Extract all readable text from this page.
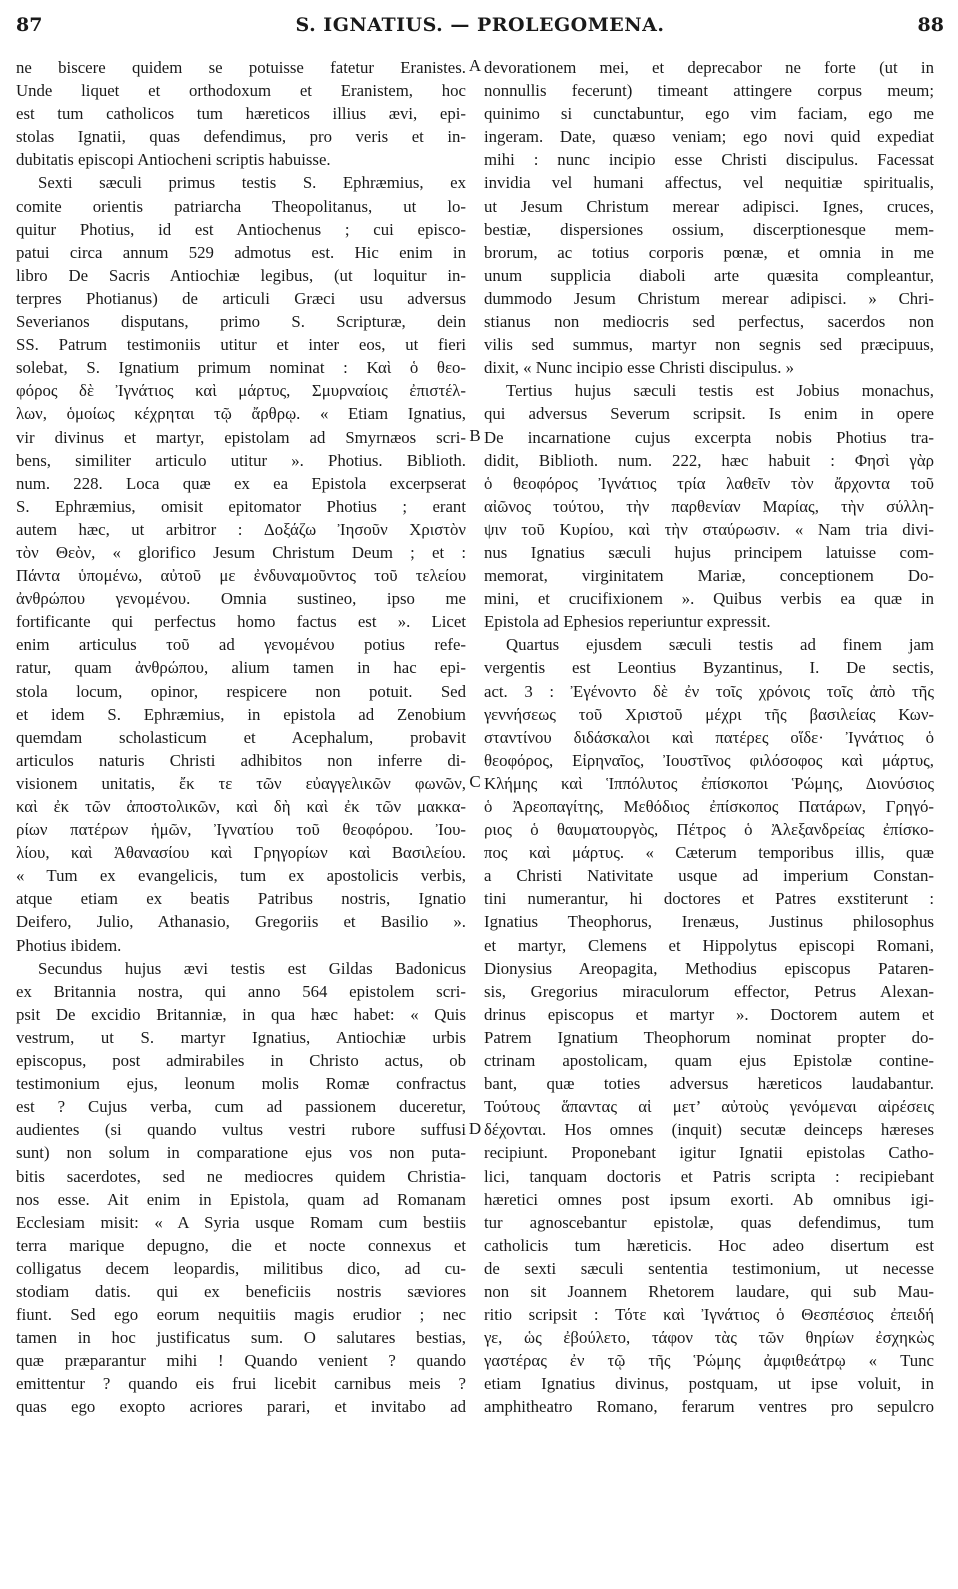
87	S. IGNATIUS. — PROLEGOMENA.	88
ne biscere quidem se potuisse fatetur Eranistes.
Unde liquet et orthodoxum et Eranistem, hoc
est tum catholicos tum hæreticos illius ævi, epi-
stolas Ignatii, quas defendimus, pro veris et in-
dubitatis episcopi Antiocheni scriptis habuisse.
Sexti sæculi primus testis S. Ephræmius, ex
comite orientis patriarcha Theopolitanus, ut lo-
quitur Photius, id est Antiochenus ; cui episco-
patui circa annum 529 admotus est. Hic enim in
libro De Sacris Antiochiæ legibus, (ut loquitur in-
terpres Photianus) de articuli Græci usu adversus
Severianos disputans, primo S. Scripturæ, dein
SS. Patrum testimoniis utitur et inter eos, ut fieri
solebat, S. Ignatium primum nominat : Καὶ ὁ θεο-
φόρος δὲ Ἰγνάτιος καὶ μάρτυς, Σμυρναίοις ἐπιστέλ-
λων, ὁμοίως κέχρηται τῷ ἄρθρῳ. « Etiam Ignatius,
vir divinus et martyr, epistolam ad Smyrnæos scri-
bens, similiter articulo utitur ». Photius. Biblioth.
num. 228. Loca quæ ex ea Epistola excerpserat
S. Ephræmius, omisit epitomator Photius ; erant
autem hæc, ut arbitror : Δοξάζω Ἰησοῦν Χριστὸν
τὸν Θεὸν, « glorifico Jesum Christum Deum ; et :
Πάντα ὑπομένω, αὐτοῦ με ἐνδυναμοῦντος τοῦ τελείου
ἀνθρώπου γενομένου. Omnia sustineo, ipso me
fortificante qui perfectus homo factus est ». Licet
enim articulus τοῦ ad γενομένου potius refe-
ratur, quam ἀνθρώπου, alium tamen in hac epi-
stola locum, opinor, respicere non potuit. Sed
et idem S. Ephræmius, in epistola ad Zenobium
quemdam scholasticum et Acephalum, probavit
articulos naturis Christi adhibitos non inferre di-
visionem unitatis, ἔκ τε τῶν εὐαγγελικῶν φωνῶν,
καὶ ἐκ τῶν ἀποστολικῶν, καὶ δὴ καὶ ἐκ τῶν μακκα-
ρίων πατέρων ἡμῶν, Ἰγνατίου τοῦ θεοφόρου. Ἰου-
λίου, καὶ Ἀθανασίου καὶ Γρηγορίων καὶ Βασιλείου.
« Tum ex evangelicis, tum ex apostolicis verbis,
atque etiam ex beatis Patribus nostris, Ignatio
Deifero, Julio, Athanasio, Gregoriis et Basilio ».
Photius ibidem.
Secundus hujus ævi testis est Gildas Badonicus
ex Britannia nostra, qui anno 564 epistolem scri-
psit De excidio Britanniæ, in qua hæc habet: « Quis
vestrum, ut S. martyr Ignatius, Antiochiæ urbis
episcopus, post admirabiles in Christo actus, ob
testimonium ejus, leonum molis Romæ confractus
est ? Cujus verba, cum ad passionem duceretur,
audientes (si quando vultus vestri rubore suffusi
sunt) non solum in comparatione ejus vos non puta-
bitis sacerdotes, sed ne mediocres quidem Christia-
nos esse. Ait enim in Epistola, quam ad Romanam
Ecclesiam misit: « A Syria usque Romam cum bestiis
terra marique depugno, die et nocte connexus et
colligatus decem leopardis, militibus dico, ad cu-
stodiam datis. qui ex beneficiis nostris sæviores
fiunt. Sed ego eorum nequitiis magis erudior ; nec
tamen in hoc justificatus sum. O salutares bestias,
quæ præparantur mihi ! Quando venient ? quando
emittentur ? quando eis frui licebit carnibus meis ?
quas ego exopto acriores parari, et invitabo ad
devorationem mei, et deprecabor ne forte (ut in
nonnullis fecerunt) timeant attingere corpus meum;
quinimo si cunctabuntur, ego vim faciam, ego me
ingeram. Date, quæso veniam; ego novi quid expediat
mihi : nunc incipio esse Christi discipulus. Facessat
invidia vel humani affectus, vel nequitiæ spiritualis,
ut Jesum Christum merear adipisci. Ignes, cruces,
bestiæ, dispersiones ossium, discerptionesque mem-
brorum, ac totius corporis pœnæ, et omnia in me
unum supplicia diaboli arte quæsita compleantur,
dummodo Jesum Christum merear adipisci. » Chri-
stianus non mediocris sed perfectus, sacerdos non
vilis sed summus, martyr non segnis sed præcipuus,
dixit, « Nunc incipio esse Christi discipulus. »
Tertius hujus sæculi testis est Jobius monachus,
qui adversus Severum scripsit. Is enim in opere
De incarnatione cujus excerpta nobis Photius tra-
didit, Biblioth. num. 222, hæc habuit : Φησὶ γὰρ
ὁ θεοφόρος Ἰγνάτιος τρία λαθεῖν τὸν ἄρχοντα τοῦ
αἰῶνος τούτου, τὴν παρθενίαν Μαρίας, τὴν σύλλη-
ψιν τοῦ Κυρίου, καὶ τὴν σταύρωσιν. « Nam tria divi-
nus Ignatius sæculi hujus principem latuisse com-
memorat, virginitatem Mariæ, conceptionem Do-
mini, et crucifixionem ». Quibus verbis ea quæ in
Epistola ad Ephesios reperiuntur expressit.
Quartus ejusdem sæculi testis ad finem jam
vergentis est Leontius Byzantinus, I. De sectis,
act. 3 : Ἐγένοντο δὲ ἐν τοῖς χρόνοις τοῖς ἀπὸ τῆς
γεννήσεως τοῦ Χριστοῦ μέχρι τῆς βασιλείας Κων-
σταντίνου διδάσκαλοι καὶ πατέρες οἵδε· Ἰγνάτιος ὁ
θεοφόρος, Εἰρηναῖος, Ἰουστῖνος φιλόσοφος καὶ μάρτυς,
Κλήμης καὶ Ἱππόλυτος ἐπίσκοποι Ῥώμης, Διονύσιος
ὁ Ἀρεοπαγίτης, Μεθόδιος ἐπίσκοπος Πατάρων, Γρηγό-
ριος ὁ θαυματουργὸς, Πέτρος ὁ Ἀλεξανδρείας ἐπίσκο-
πος καὶ μάρτυς. « Cæterum temporibus illis, quæ
a Christi Nativitate usque ad imperium Constan-
tini numerantur, hi doctores et Patres exstiterunt :
Ignatius Theophorus, Irenæus, Justinus philosophus
et martyr, Clemens et Hippolytus episcopi Romani,
Dionysius Areopagita, Methodius episcopus Pataren-
sis, Gregorius miraculorum effector, Petrus Alexan-
drinus episcopus et martyr ». Doctorem autem et
Patrem Ignatium Theophorum nominat propter do-
ctrinam apostolicam, quam ejus Epistolæ contine-
bant, quæ toties adversus hæreticos laudabantur.
Τούτους ἅπαντας αἱ μετ’ αὐτοὺς γενόμεναι αἱρέσεις
δέχονται. Hos omnes (inquit) secutæ deinceps hæreses
recipiunt. Proponebant igitur Ignatii epistolas Catho-
lici, tanquam doctoris et Patris scripta : recipiebant
hæretici omnes post ipsum exorti. Ab omnibus igi-
tur agnoscebantur epistolæ, quas defendimus, tum
catholicis tum hæreticis. Hoc adeo disertum est
de sexti sæculi sententia testimonium, ut necesse
non sit Joannem Rhetorem laudare, qui sub Mau-
ritio scripsit : Τότε καὶ Ἰγνάτιος ὁ Θεσπέσιος ἐπειδή
γε, ὡς ἐβούλετο, τάφον τὰς τῶν θηρίων ἐσχηκὼς
γαστέρας ἐν τῷ τῆς Ῥώμης ἀμφιθεάτρῳ « Tunc
etiam Ignatius divinus, postquam, ut ipse voluit, in
amphitheatro Romano, ferarum ventres pro sepulcro
A
B
C
D
